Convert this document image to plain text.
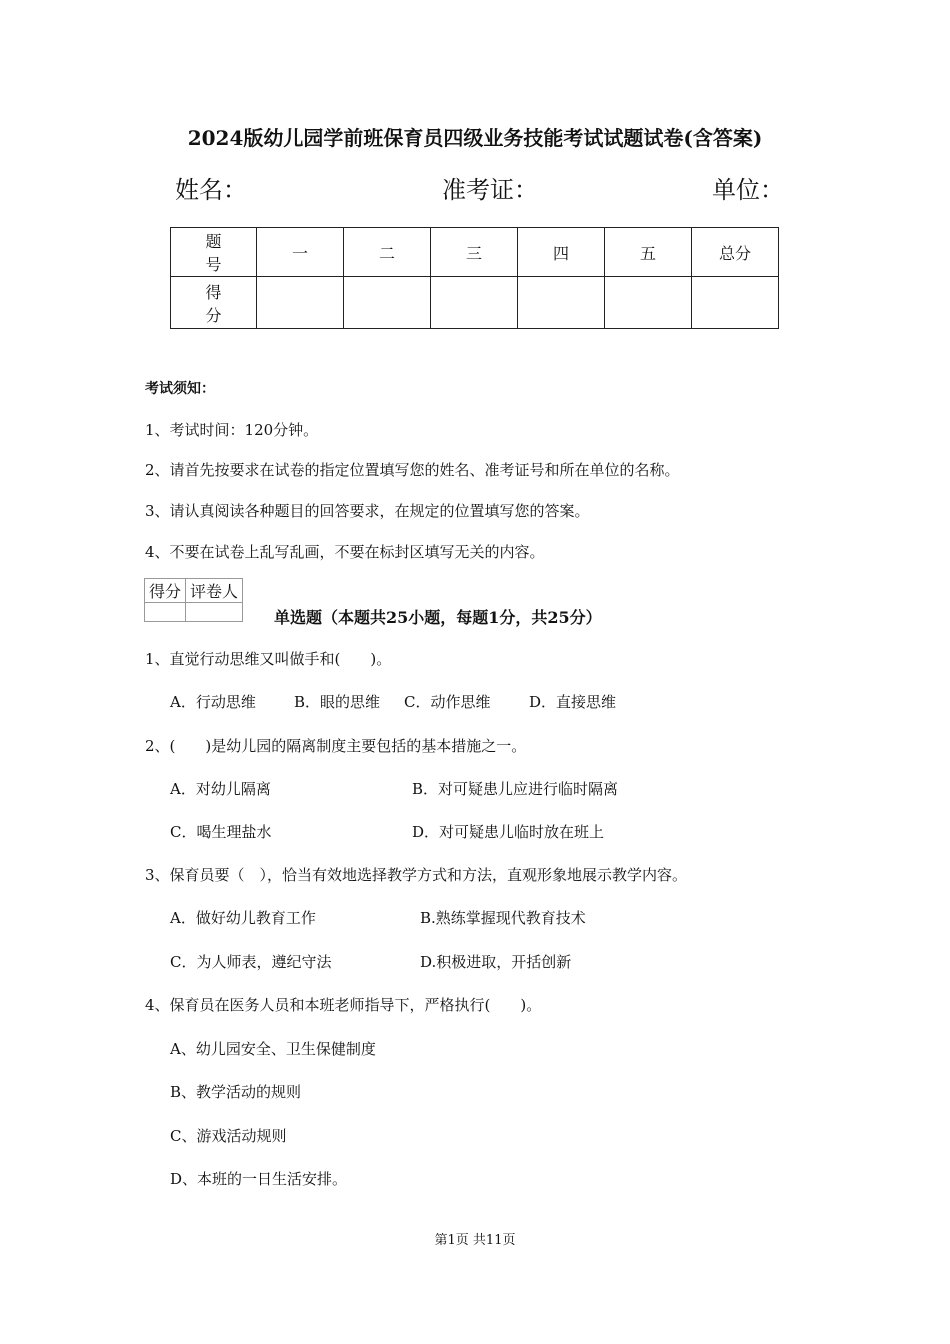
2024版幼儿园学前班保育员四级业务技能考试试题试卷(含答案)
姓名：	准考证：	单位：
题 号	一	二	三	四	五	总分
得 分						
考试须知：
1、考试时间：120分钟。
2、请首先按要求在试卷的指定位置填写您的姓名、准考证号和所在单位的名称。
3、请认真阅读各种题目的回答要求，在规定的位置填写您的答案。
4、不要在试卷上乱写乱画，不要在标封区填写无关的内容。
得分	评卷人

单选题（本题共25小题，每题1分，共25分）
1、直觉行动思维又叫做手和(　　)。
A．行动思维	B．眼的思维 C．动作思维	D．直接思维
2、(　　)是幼儿园的隔离制度主要包括的基本措施之一。
A．对幼儿隔离	B．对可疑患儿应进行临时隔离
C．喝生理盐水	D．对可疑患儿临时放在班上
3、保育员要（　），恰当有效地选择教学方式和方法，直观形象地展示教学内容。
A．做好幼儿教育工作	B.熟练掌握现代教育技术
C．为人师表，遵纪守法	D.积极进取，开括创新
4、保育员在医务人员和本班老师指导下，严格执行(　　)。
A、幼儿园安全、卫生保健制度
B、教学活动的规则
C、游戏活动规则
D、本班的一日生活安排。
第1页 共11页
